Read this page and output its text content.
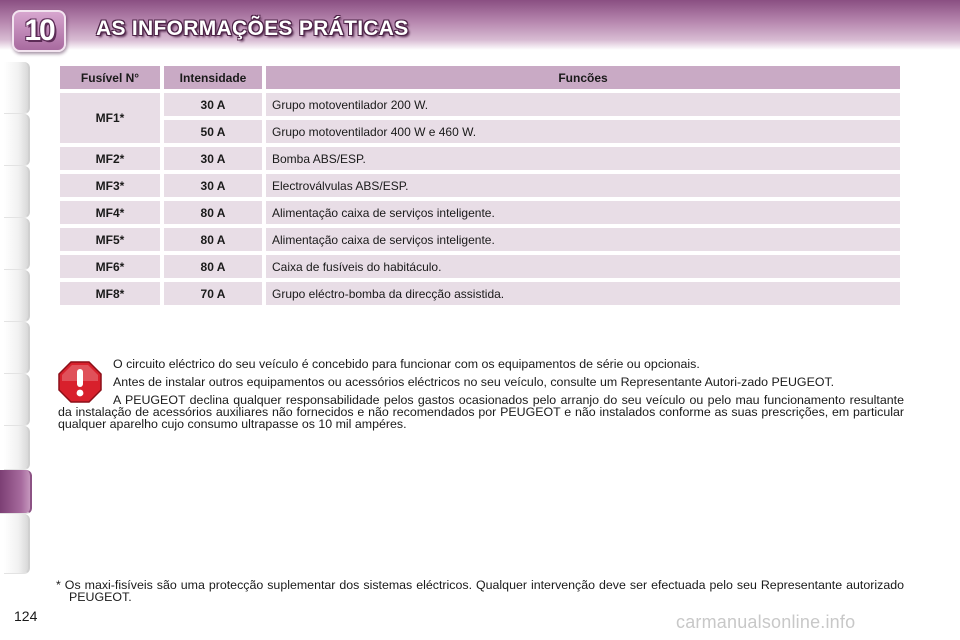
10 AS INFORMAÇÕES PRÁTICAS
Fusível N°	Intensidade	Funcões
MF1*	30 A	Grupo motoventilador 200 W.
	50 A	Grupo motoventilador 400 W e 460 W.
MF2*	30 A	Bomba ABS/ESP.
MF3*	30 A	Electroválvulas ABS/ESP.
MF4*	80 A	Alimentação caixa de serviços inteligente.
MF5*	80 A	Alimentação caixa de serviços inteligente.
MF6*	80 A	Caixa de fusíveis do habitáculo.
MF8*	70 A	Grupo eléctro-bomba da direcção assistida.

O circuito eléctrico do seu veículo é concebido para funcionar com os equipamentos de série ou opcionais.

Antes de instalar outros equipamentos ou acessórios eléctricos no seu veículo, consulte um Representante Autori-zado PEUGEOT.

A PEUGEOT declina qualquer responsabilidade pelos gastos ocasionados pelo arranjo do seu veículo ou pelo mau funcionamento resultante da instalação de acessórios auxiliares não fornecidos e não recomendados por PEUGEOT e não instalados conforme as suas prescrições, em particular qualquer aparelho cujo consumo ultrapasse os 10 mil ampéres.

* Os maxi-fisíveis são uma protecção suplementar dos sistemas eléctricos. Qualquer intervenção deve ser efectuada pelo seu Representante autorizado PEUGEOT.
124	carmanualsonline.info
